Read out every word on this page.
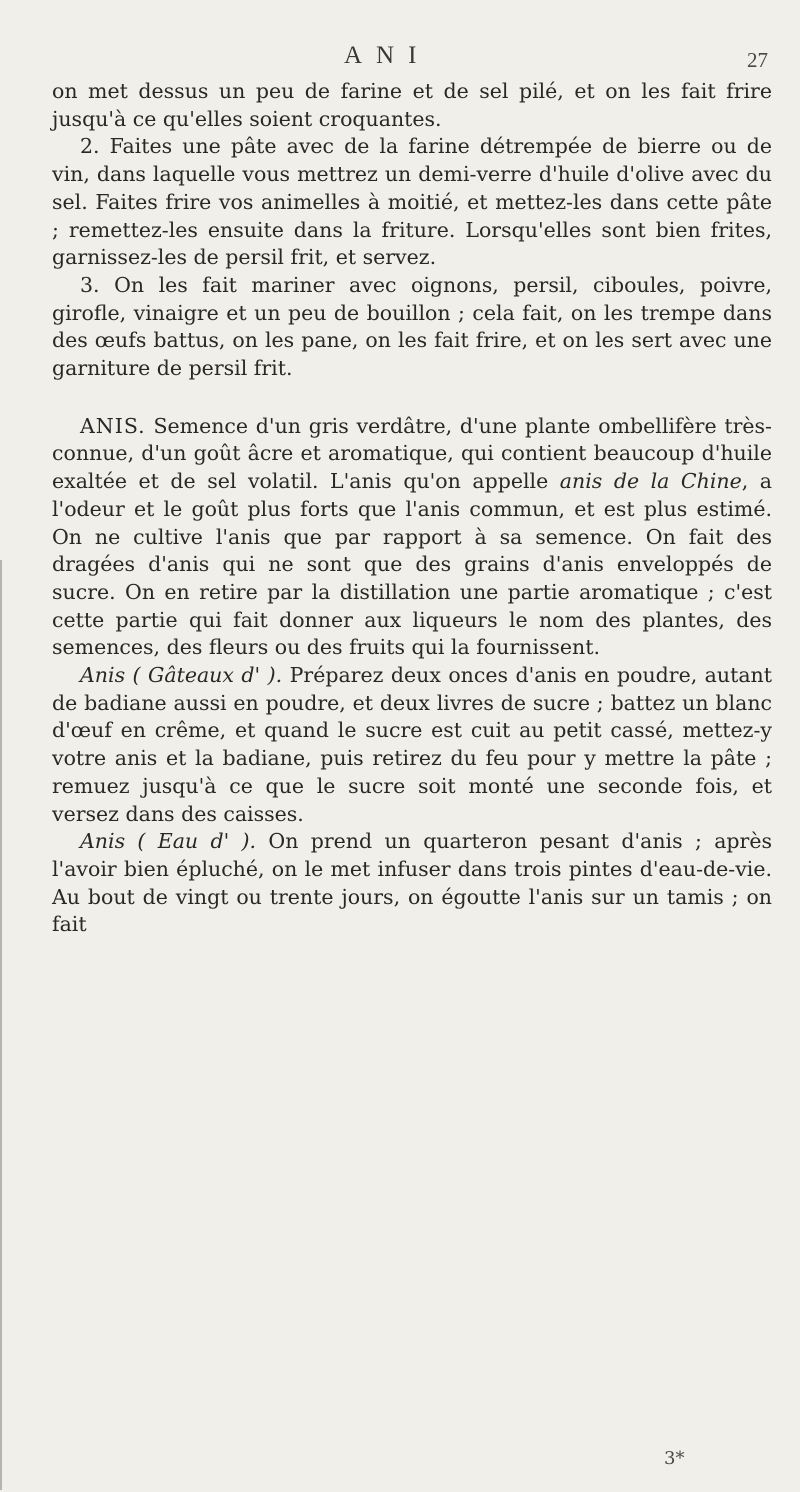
ANI	27

on met dessus un peu de farine et de sel pilé, et on les fait frire jusqu'à ce qu'elles soient croquantes.

2. Faites une pâte avec de la farine détrempée de bierre ou de vin, dans laquelle vous mettrez un demi-verre d'huile d'olive avec du sel. Faites frire vos animelles à moitié, et mettez-les dans cette pâte ; remettez-les ensuite dans la friture. Lorsqu'elles sont bien frites, garnissez-les de persil frit, et servez.

3. On les fait mariner avec oignons, persil, ciboules, poivre, girofle, vinaigre et un peu de bouillon ; cela fait, on les trempe dans des œufs battus, on les pane, on les fait frire, et on les sert avec une garniture de persil frit.

ANIS. Semence d'un gris verdâtre, d'une plante ombellifère très-connue, d'un goût âcre et aromatique, qui contient beaucoup d'huile exaltée et de sel volatil. L'anis qu'on appelle anis de la Chine, a l'odeur et le goût plus forts que l'anis commun, et est plus estimé. On ne cultive l'anis que par rapport à sa semence. On fait des dragées d'anis qui ne sont que des grains d'anis enveloppés de sucre. On en retire par la distillation une partie aromatique ; c'est cette partie qui fait donner aux liqueurs le nom des plantes, des semences, des fleurs ou des fruits qui la fournissent.

Anis ( Gâteaux d' ). Préparez deux onces d'anis en poudre, autant de badiane aussi en poudre, et deux livres de sucre ; battez un blanc d'œuf en crême, et quand le sucre est cuit au petit cassé, mettez-y votre anis et la badiane, puis retirez du feu pour y mettre la pâte ; remuez jusqu'à ce que le sucre soit monté une seconde fois, et versez dans des caisses.

Anis ( Eau d' ). On prend un quarteron pesant d'anis ; après l'avoir bien épluché, on le met infuser dans trois pintes d'eau-de-vie. Au bout de vingt ou trente jours, on égoutte l'anis sur un tamis ; on fait

3*
